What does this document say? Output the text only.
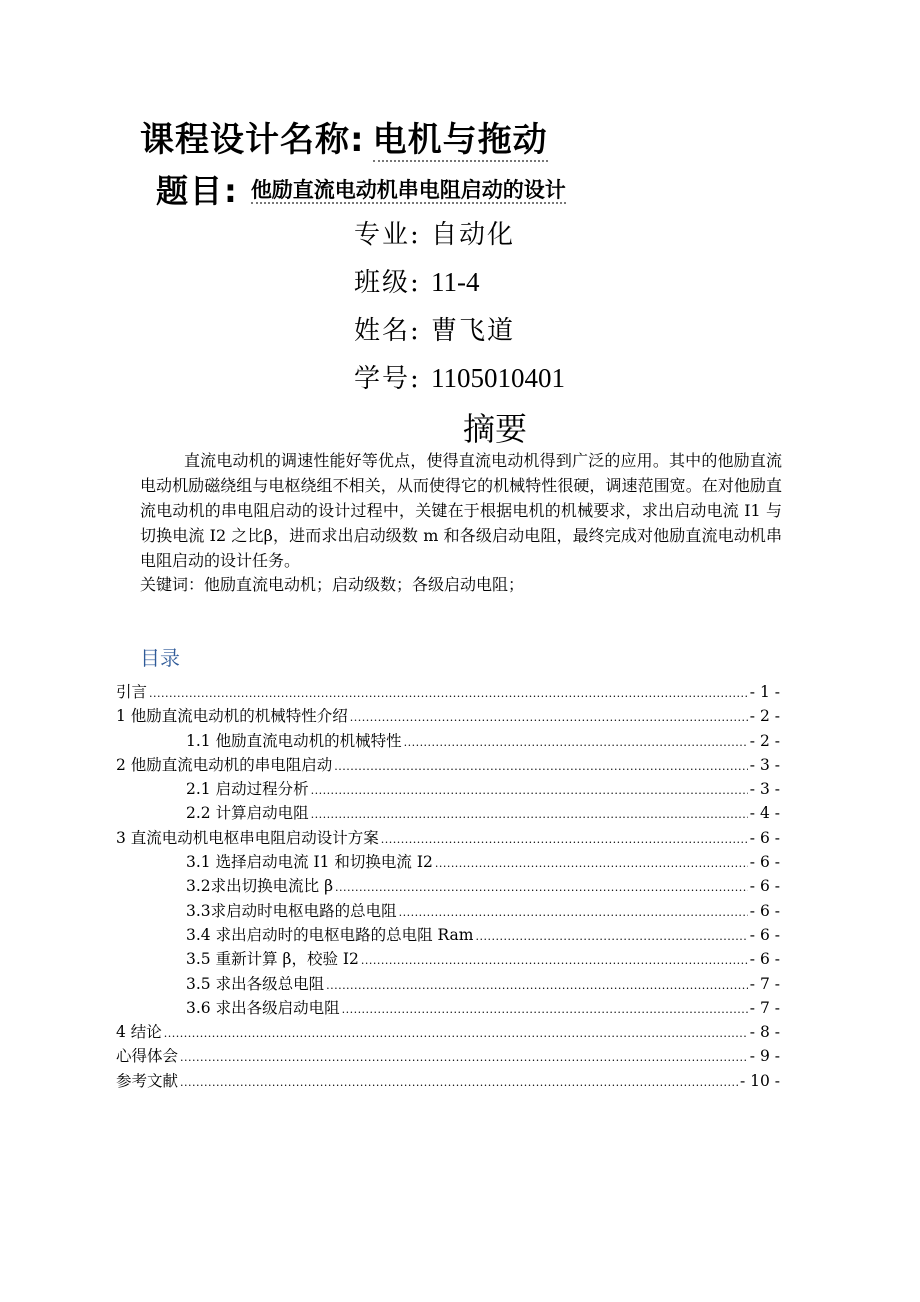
课程设计名称: 电机与拖动
题目: 他励直流电动机串电阻启动的设计
专业: 自动化
班级: 11-4
姓名: 曹飞道
学号: 1105010401
摘要
直流电动机的调速性能好等优点，使得直流电动机得到广泛的应用。其中的他励直流电动机励磁绕组与电枢绕组不相关，从而使得它的机械特性很硬，调速范围宽。在对他励直流电动机的串电阻启动的设计过程中，关键在于根据电机的机械要求，求出启动电流 I1 与切换电流 I2 之比β，进而求出启动级数 m 和各级启动电阻，最终完成对他励直流电动机串电阻启动的设计任务。
关键词：他励直流电动机；启动级数；各级启动电阻；
目录
引言 .....	- 1 -
1 他励直流电动机的机械特性介绍 .....	- 2 -
1.1 他励直流电动机的机械特性 .....	- 2 -
2 他励直流电动机的串电阻启动 .....	- 3 -
2.1 启动过程分析 .....	- 3 -
2.2 计算启动电阻 .....	- 4 -
3 直流电动机电枢串电阻启动设计方案 .....	- 6 -
3.1 选择启动电流 I1 和切换电流 I2 .....	- 6 -
3.2求出切换电流比 β .....	- 6 -
3.3求启动时电枢电路的总电阻 .....	- 6 -
3.4 求出启动时的电枢电路的总电阻 Ram .....	- 6 -
3.5 重新计算 β，校验 I2 .....	- 6 -
3.5 求出各级总电阻 .....	- 7 -
3.6 求出各级启动电阻 .....	- 7 -
4 结论 .....	- 8 -
心得体会 .....	- 9 -
参考文献 .....	- 10 -
